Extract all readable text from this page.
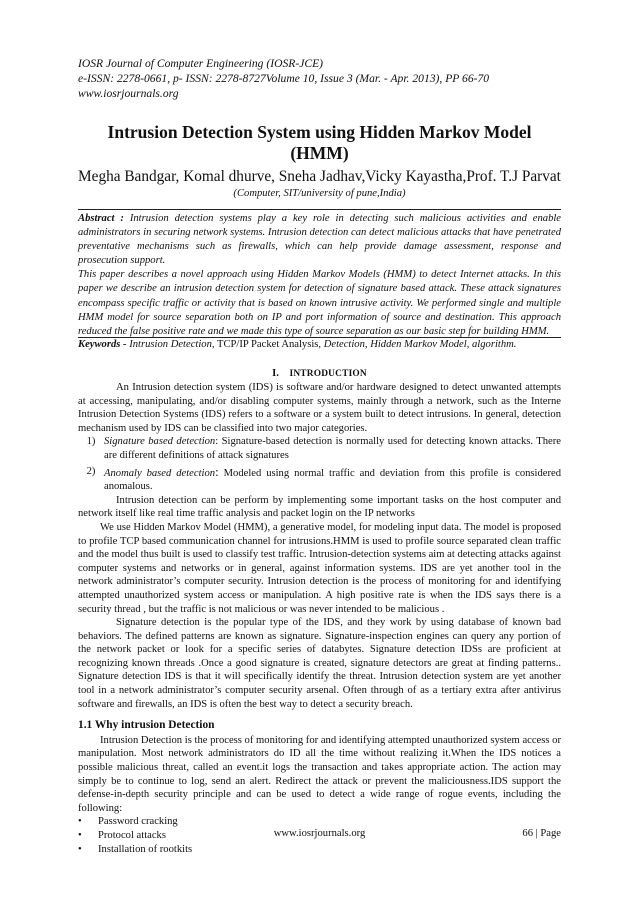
IOSR Journal of Computer Engineering (IOSR-JCE)
e-ISSN: 2278-0661, p- ISSN: 2278-8727Volume 10, Issue 3 (Mar. - Apr. 2013), PP 66-70
www.iosrjournals.org
Intrusion Detection System using Hidden Markov Model
(HMM)
Megha Bandgar, Komal dhurve, Sneha Jadhav,Vicky Kayastha,Prof. T.J Parvat
(Computer, SIT/university of pune,India)

Abstract : Intrusion detection systems play a key role in detecting such malicious activities and enable administrators in securing network systems. Intrusion detection can detect malicious attacks that have penetrated preventative mechanisms such as firewalls, which can help provide damage assessment, response and prosecution support.

This paper describes a novel approach using Hidden Markov Models (HMM) to detect Internet attacks. In this paper we describe an intrusion detection system for detection of signature based attack. These attack signatures encompass specific traffic or activity that is based on known intrusive activity. We performed single and multiple HMM model for source separation both on IP and port information of source and destination. This approach reduced the false positive rate and we made this type of source separation as our basic step for building HMM.

Keywords - Intrusion Detection, TCP/IP Packet Analysis, Detection, Hidden Markov Model, algorithm.
I. INTRODUCTION

An Intrusion detection system (IDS) is software and/or hardware designed to detect unwanted attempts at accessing, manipulating, and/or disabling computer systems, mainly through a network, such as the Interne Intrusion Detection Systems (IDS) refers to a software or a system built to detect intrusions. In general, detection mechanism used by IDS can be classified into two major categories.

1) Signature based detection: Signature-based detection is normally used for detecting known attacks. There are different definitions of attack signatures
2) Anomaly based detection: Modeled using normal traffic and deviation from this profile is considered anomalous.

Intrusion detection can be perform by implementing some important tasks on the host computer and network itself like real time traffic analysis and packet login on the IP networks

We use Hidden Markov Model (HMM), a generative model, for modeling input data. The model is proposed to profile TCP based communication channel for intrusions.HMM is used to profile source separated clean traffic and the model thus built is used to classify test traffic. Intrusion-detection systems aim at detecting attacks against computer systems and networks or in general, against information systems. IDS are yet another tool in the network administrator’s computer security. Intrusion detection is the process of monitoring for and identifying attempted unauthorized system access or manipulation. A high positive rate is when the IDS says there is a security thread , but the traffic is not malicious or was never intended to be malicious .

Signature detection is the popular type of the IDS, and they work by using database of known bad behaviors. The defined patterns are known as signature. Signature-inspection engines can query any portion of the network packet or look for a specific series of databytes. Signature detection IDSs are proficient at recognizing known threads .Once a good signature is created, signature detectors are great at finding patterns.. Signature detection IDS is that it will specifically identify the threat. Intrusion detection system are yet another tool in a network administrator’s computer security arsenal. Often through of as a tertiary extra after antivirus software and firewalls, an IDS is often the best way to detect a security breach.

1.1 Why intrusion Detection

Intrusion Detection is the process of monitoring for and identifying attempted unauthorized system access or manipulation. Most network administrators do ID all the time without realizing it.When the IDS notices a possible malicious threat, called an event.it logs the transaction and takes appropriate action. The action may simply be to continue to log, send an alert. Redirect the attack or prevent the maliciousness.IDS support the defense-in-depth security principle and can be used to detect a wide range of rogue events, including the following:

•	Password cracking
•	Protocol attacks
•	Installation of rootkits
www.iosrjournals.org	66 | Page
